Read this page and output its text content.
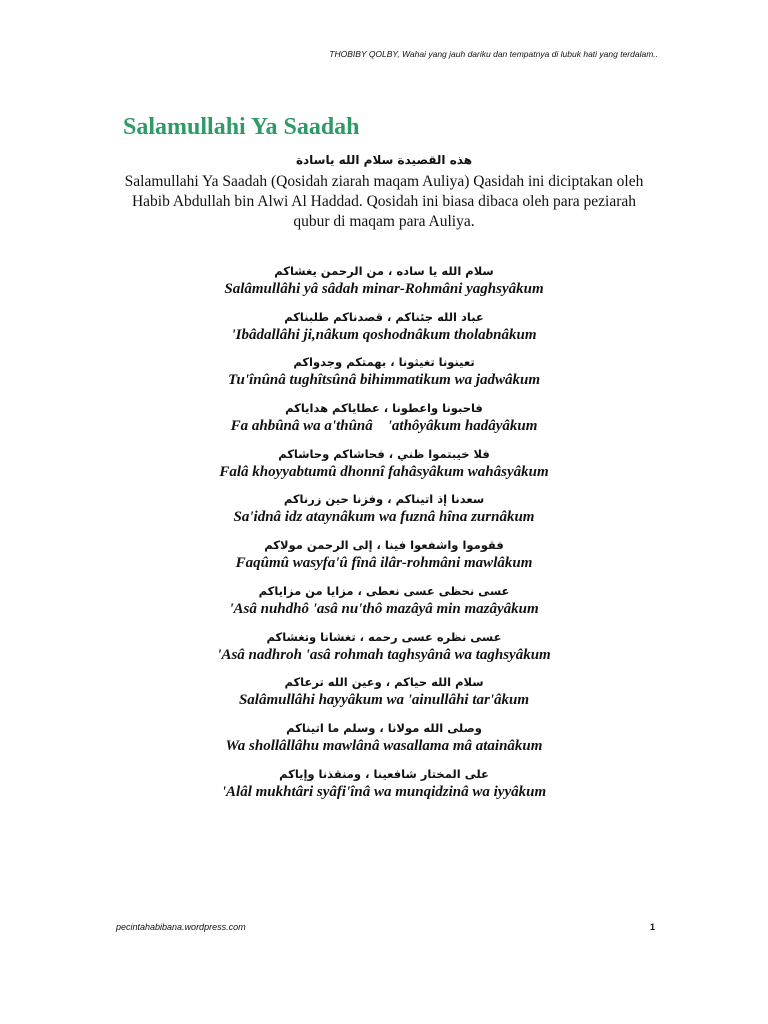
THOBIBY QOLBY, Wahai yang jauh dariku dan tempatnya di lubuk hati yang terdalam..
Salamullahi Ya Saadah
هذه القصيدة سلام الله ياسادة

Salamullahi Ya Saadah (Qosidah ziarah maqam Auliya) Qasidah ini diciptakan oleh Habib Abdullah bin Alwi Al Haddad. Qosidah ini biasa dibaca oleh para peziarah qubur di maqam para Auliya.

سلام الله يا ساده ، من الرحمن يغشاكم
Salâmullâhi yâ sâdah minar-Rohmâni yaghsyâkum
عباد الله جئناكم ، قصدناكم طلبناكم
'Ibâdallâhi ji,nâkum qoshodnâkum tholabnâkum
تعينونا تغيثونا ، بهمتكم وجدواكم
Tu'înûnâ tughîtsûnâ bihimmatikum wa jadwâkum
فاحبونا واعطونا ، عطاياكم هداياكم
Fa ahbûnâ wa a'thûnâ    'athôyâkum hadâyâkum
فلا خيبتموا ظني ، فحاشاكم وحاشاكم
Falâ khoyyabtumû dhonnî fahâsyâkum wahâsyâkum
سعدنا إذ اتيناكم ، وفزنا حين زرناكم
Sa'idnâ idz ataynâkum wa fuznâ hîna zurnâkum
فقوموا واشفعوا فينا ، إلى الرحمن مولاكم
Faqûmû wasyfa'û fînâ ilâr-rohmâni mawlâkum
عسى نحظى عسى نعطى ، مزايا من مزاياكم
'Asâ nuhdhô 'asâ nu'thô mazâyâ min mazâyâkum
عسى نظره عسى رحمه ، تغشانا وتغشاكم
'Asâ nadhroh 'asâ rohmah taghsyânâ wa taghsyâkum
سلام الله حياكم ، وعين الله ترعاكم
Salâmullâhi hayyâkum wa 'ainullâhi tar'âkum
وصلى الله مولانا ، وسلم ما اتيناكم
Wa shollâllâhu mawlânâ wasallama mâ atainâkum
على المختار شافعينا ، ومنقذنا وإياكم
'Alâl mukhtâri syâfi'înâ wa munqidzinâ wa iyyâkum
pecintahabibana.wordpress.com	1
